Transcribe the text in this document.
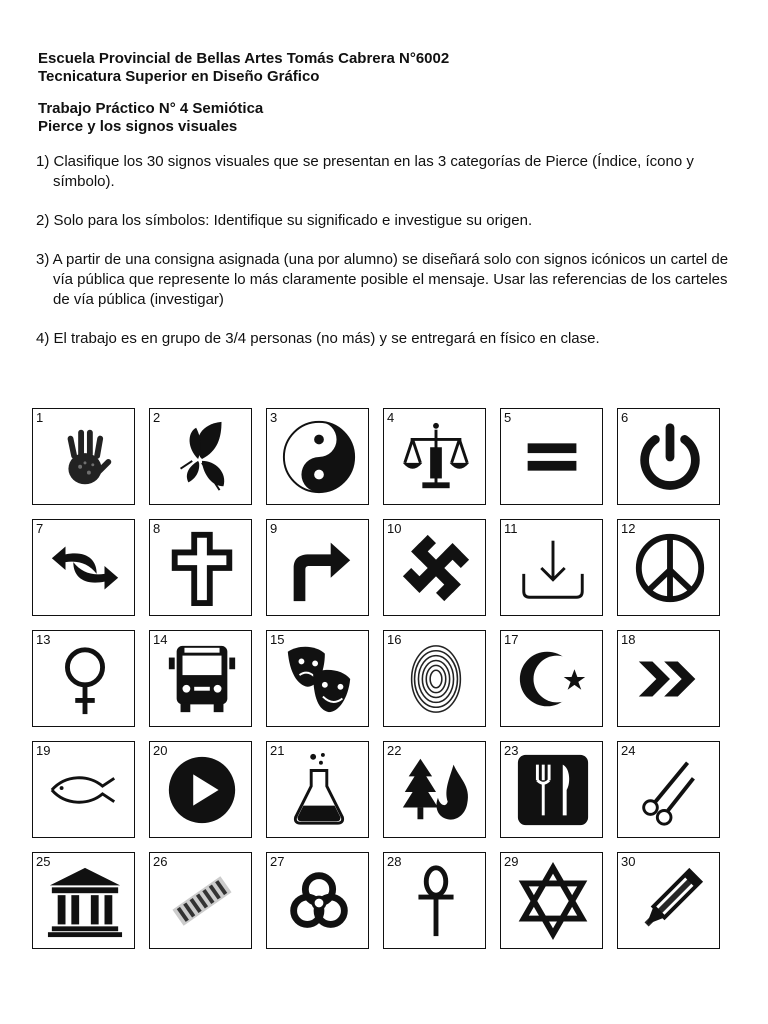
Escuela Provincial de Bellas Artes Tomás Cabrera N°6002
Tecnicatura Superior en Diseño Gráfico
Trabajo Práctico N° 4 Semiótica
Pierce y los signos visuales

1) Clasifique los 30 signos visuales que se presentan en las 3 categorías de Pierce (Índice, ícono y símbolo).

2) Solo para los símbolos: Identifique su significado e investigue su origen.

3) A partir de una consigna asignada (una por alumno) se diseñará solo con signos icónicos un cartel de vía pública que represente lo más claramente posible el mensaje. Usar las referencias de los carteles de vía pública (investigar)

4) El trabajo es en grupo de 3/4 personas (no más) y se entregará en físico en clase.

1	2	3	4	5	6
7	8	9	10	11	12
13	14	15	16	17	18
19	20	21	22	23	24
25	26	27	28	29	30
